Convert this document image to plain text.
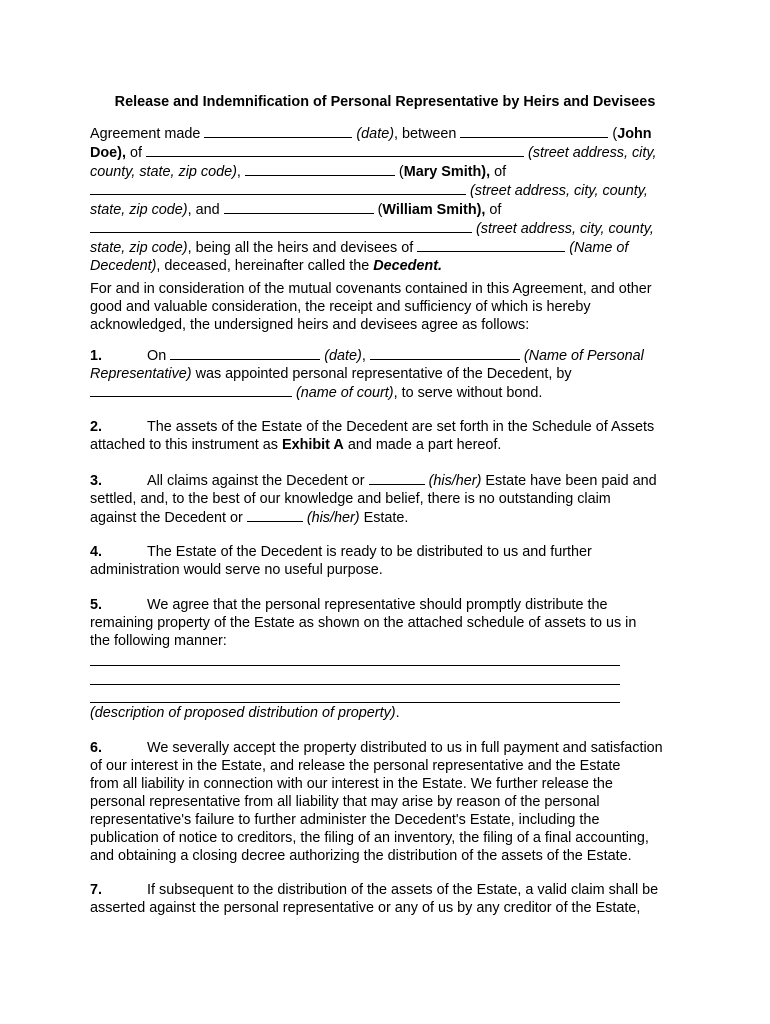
Release and Indemnification of Personal Representative by Heirs and Devisees
Agreement made	(date), between	(John
Doe), of	(street address, city,
county, state, zip code),	(Mary Smith), of
(street address, city, county,
state, zip code), and	(William Smith), of
(street address, city, county,
state, zip code), being all the heirs and devisees of	(Name of
Decedent), deceased, hereinafter called the Decedent.
For and in consideration of the mutual covenants contained in this Agreement, and other good and valuable consideration, the receipt and sufficiency of which is hereby acknowledged, the undersigned heirs and devisees agree as follows:
1.	On	(date),	(Name of Personal
Representative) was appointed personal representative of the Decedent, by
(name of court), to serve without bond.
2.	The assets of the Estate of the Decedent are set forth in the Schedule of Assets
attached to this instrument as Exhibit A and made a part hereof.
3.	All claims against the Decedent or	(his/her) Estate have been paid and
settled, and, to the best of our knowledge and belief, there is no outstanding claim
against the Decedent or	(his/her) Estate.
4.	The Estate of the Decedent is ready to be distributed to us and further
administration would serve no useful purpose.
5.	We agree that the personal representative should promptly distribute the
remaining property of the Estate as shown on the attached schedule of assets to us in
the following manner:
(description of proposed distribution of property).
6.	We severally accept the property distributed to us in full payment and satisfaction
of our interest in the Estate, and release the personal representative and the Estate
from all liability in connection with our interest in the Estate. We further release the
personal representative from all liability that may arise by reason of the personal
representative's failure to further administer the Decedent's Estate, including the
publication of notice to creditors, the filing of an inventory, the filing of a final accounting,
and obtaining a closing decree authorizing the distribution of the assets of the Estate.
7.	If subsequent to the distribution of the assets of the Estate, a valid claim shall be
asserted against the personal representative or any of us by any creditor of the Estate,
